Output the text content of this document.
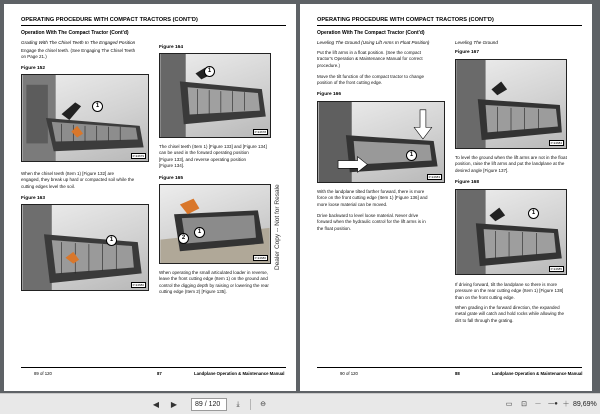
OPERATING PROCEDURE WITH COMPACT TRACTORS (CONT'D)
Operation With The Compact Tractor (Cont'd)
Grading With The Chisel Teeth In The Engaged Position
Engage the chisel teeth. (See Engaging The Chisel Teeth
on Page 21.)
Figure 152
1
P-94679
When the chisel teeth (Item 1) [Figure 132] are
engaged, they break up hard or compacted soil while the
cutting edges level the soil.
Figure 163
1
P-94680
Figure 164
1
P-94678
The chisel teeth (Item 1) [Figure 133] and [Figure 134]
can be used in the forward operating position
[Figure 133], and reverse operating position
[Figure 134].
Figure 165
2
1
P-94680
When operating the small articulated loader in reverse,
leave the front cutting edge (Item 1) on the ground and
control the digging depth by raising or lowering the rear
cutting edge (Item 2) [Figure 135].
89 of 120	87	Landplane Operation & Maintenance Manual
Dealer Copy -- Not for Resale
OPERATING PROCEDURE WITH COMPACT TRACTORS (CONT'D)
Operation With The Compact Tractor (Cont'd)
Leveling The Ground (Using Lift Arms In Float Position)
Put the lift arms in a float position. (See the compact
tractor's Operation & Maintenance Manual for correct
procedure.)
Move the tilt function of the compact tractor to change
position of the front cutting edge.
Figure 166
1
P-94683
With the landplane tilted farther forward, there is more
force on the front cutting edge (Item 1) [Figure 136] and
more loose material can be moved.
Drive backward to level loose material. Never drive
forward when the hydraulic control for the lift arms is in
the float position.
Leveling The Ground
Figure 167
P-94684
To level the ground when the lift arms are not in the float
position, raise the lift arms and put the landplane at the
desired angle [Figure 137].
Figure 168
1
P-94685
If driving forward, tilt the landplane so there is more
pressure on the rear cutting edge (Item 1) [Figure 138]
than on the front cutting edge.
When grading in the forward direction, the expanded
metal grate will catch and hold rocks while allowing the
dirt to fall through the grating.
90 of 120	88	Landplane Operation & Maintenance Manual
◀	▶	89 / 120	⤓	⊖	▭	⊡	－ —● ＋ 89,69%
